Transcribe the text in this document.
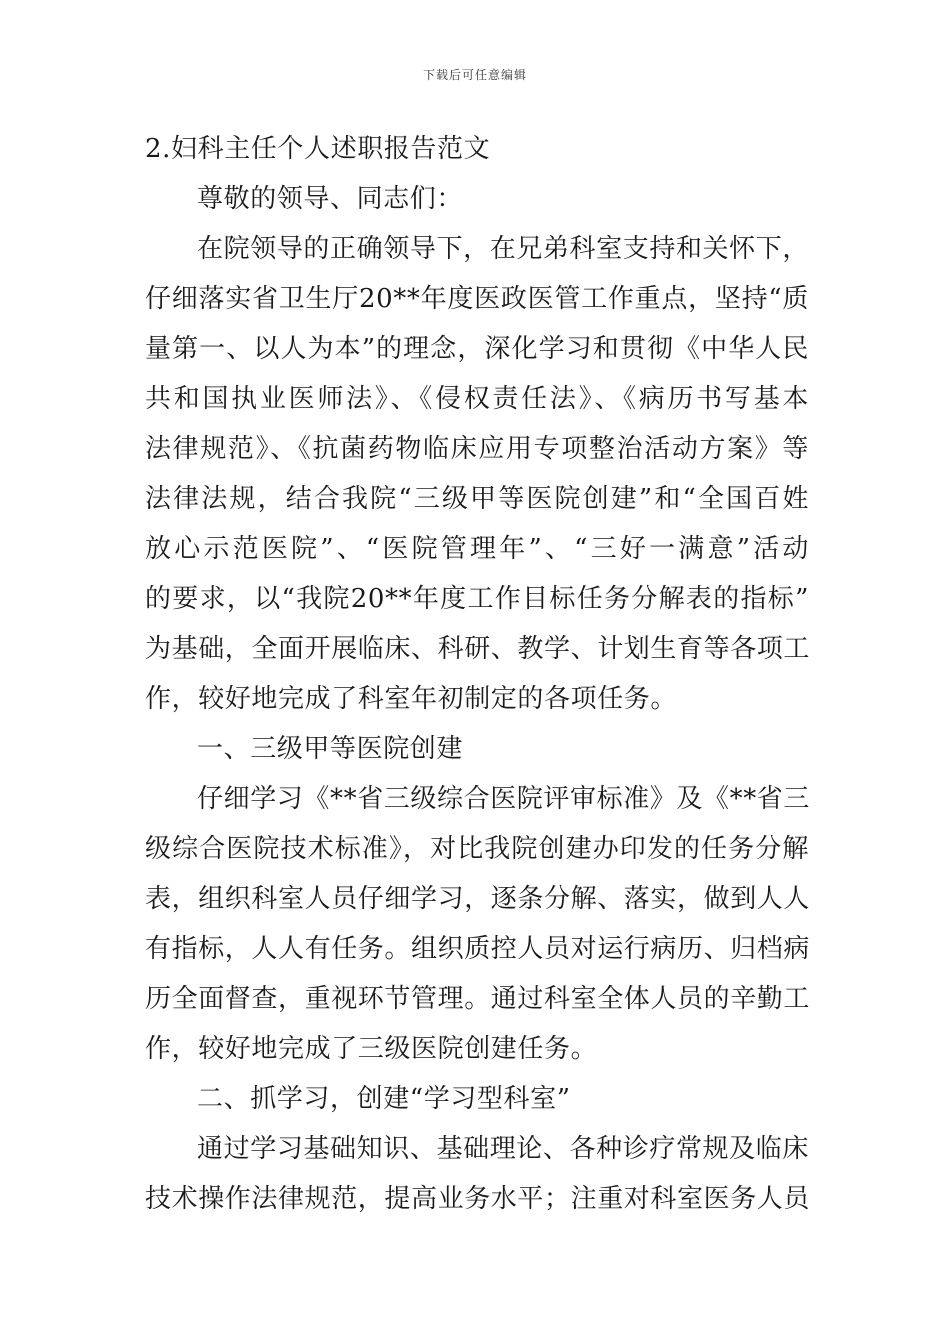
下载后可任意编辑
2.妇科主任个人述职报告范文
尊敬的领导、同志们：
在院领导的正确领导下，在兄弟科室支持和关怀下，
仔细落实省卫生厅20**年度医政医管工作重点，坚持“质
量第一、以人为本”的理念，深化学习和贯彻《中华人民
共和国执业医师法》、《侵权责任法》、《病历书写基本
法律规范》、《抗菌药物临床应用专项整治活动方案》等
法律法规，结合我院“三级甲等医院创建”和“全国百姓
放心示范医院”、“医院管理年”、“三好一满意”活动
的要求，以“我院20**年度工作目标任务分解表的指标”
为基础，全面开展临床、科研、教学、计划生育等各项工
作，较好地完成了科室年初制定的各项任务。
一、三级甲等医院创建
仔细学习《**省三级综合医院评审标准》及《**省三
级综合医院技术标准》，对比我院创建办印发的任务分解
表，组织科室人员仔细学习，逐条分解、落实，做到人人
有指标，人人有任务。组织质控人员对运行病历、归档病
历全面督查，重视环节管理。通过科室全体人员的辛勤工
作，较好地完成了三级医院创建任务。
二、抓学习，创建“学习型科室”
通过学习基础知识、基础理论、各种诊疗常规及临床
技术操作法律规范，提高业务水平；注重对科室医务人员
